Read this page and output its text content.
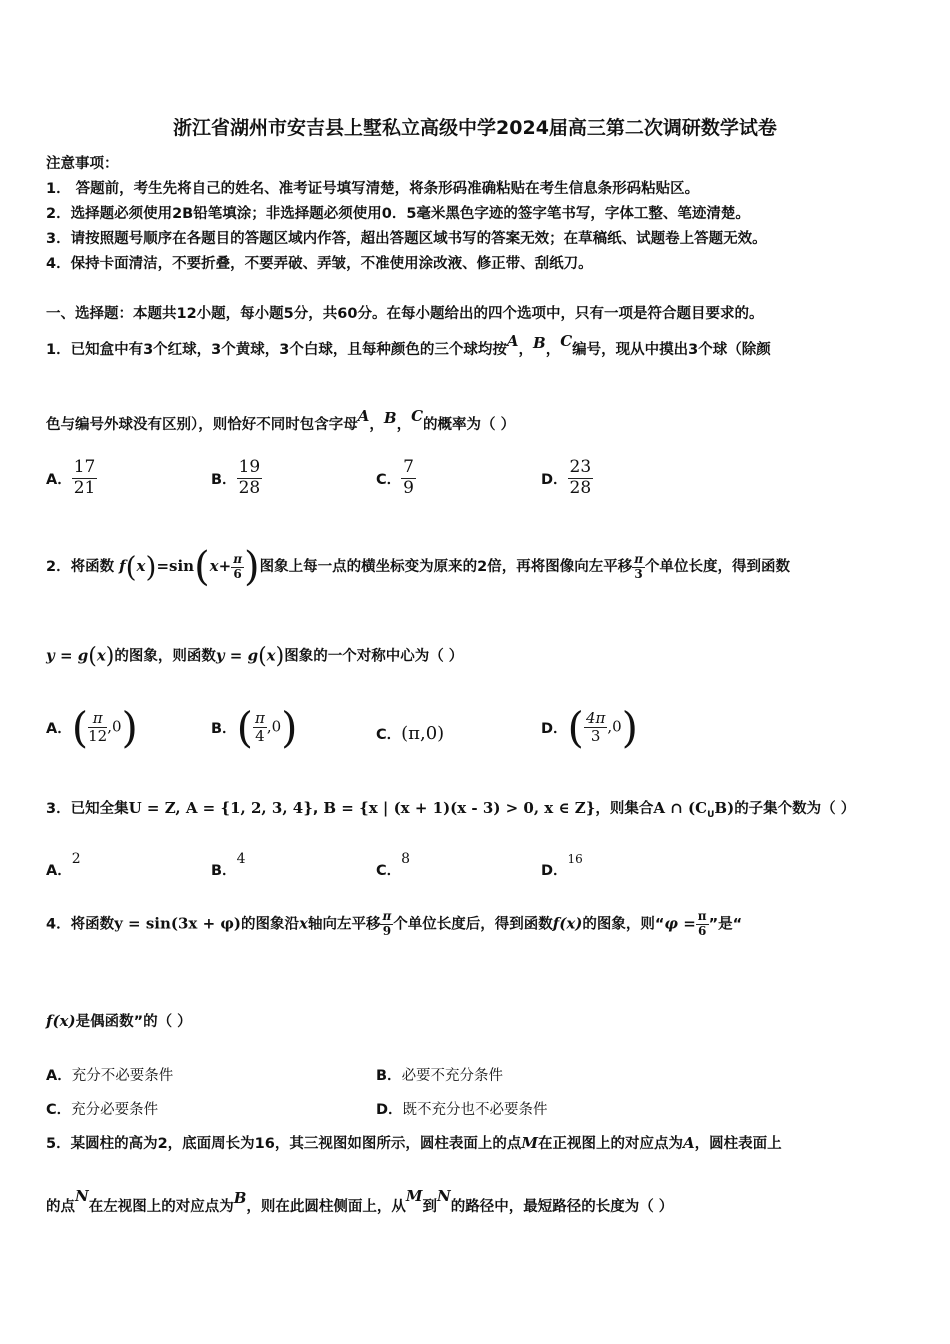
浙江省湖州市安吉县上墅私立高级中学2024届高三第二次调研数学试卷
注意事项：
1． 答题前，考生先将自己的姓名、准考证号填写清楚，将条形码准确粘贴在考生信息条形码粘贴区。
2．选择题必须使用2B铅笔填涂；非选择题必须使用0．5毫米黑色字迹的签字笔书写，字体工整、笔迹清楚。
3．请按照题号顺序在各题目的答题区域内作答，超出答题区域书写的答案无效；在草稿纸、试题卷上答题无效。
4．保持卡面清洁，不要折叠，不要弄破、弄皱，不准使用涂改液、修正带、刮纸刀。
一、选择题：本题共12小题，每小题5分，共60分。在每小题给出的四个选项中，只有一项是符合题目要求的。
1．已知盒中有3个红球，3个黄球，3个白球，且每种颜色的三个球均按A，B，C编号，现从中摸出3个球（除颜
色与编号外球没有区别），则恰好不同时包含字母A，B，C的概率为（ ）
A． $\frac{17}{21}$	B． $\frac{19}{28}$	C． $\frac{7}{9}$	D． $\frac{23}{28}$
2．将函数 $f(x)=\sin(x+ \frac{\pi}{6}$ )图象上每一点的横坐标变为原来的2倍，再将图像向左平移 $\frac{\pi}{3}$ 个单位长度，得到函数
y = g(x)的图象，则函数y = g(x)图象的一个对称中心为（ ）
A．( $\frac{\pi}{12} ,0$)	B．( $\frac{\pi}{4} ,0$)	C．(π,0)	D．( $\frac{4\pi}{3} ,0$)
3．已知全集U = Z, A = {1, 2, 3, 4}, B = {x | (x + 1)(x - 3) > 0, x ∈ Z}，则集合A ∩ $(C_UB)$的子集个数为（ ）
A．2
B．4
C．8
D．16
4．将函数y = sin(3x + φ)的图象沿x轴向左平移 $\frac{\pi}{9}$ 个单位长度后，得到函数f(x)的图象，则“$\varphi = \frac{\pi}{6}$ ”是“
f(x)是偶函数”的（ ）
A．充分不必要条件	B．必要不充分条件
C．充分必要条件	D．既不充分也不必要条件
5．某圆柱的高为2，底面周长为16，其三视图如图所示，圆柱表面上的点M在正视图上的对应点为A，圆柱表面上
的点N在左视图上的对应点为B，则在此圆柱侧面上，从M到N的路径中，最短路径的长度为（ ）
